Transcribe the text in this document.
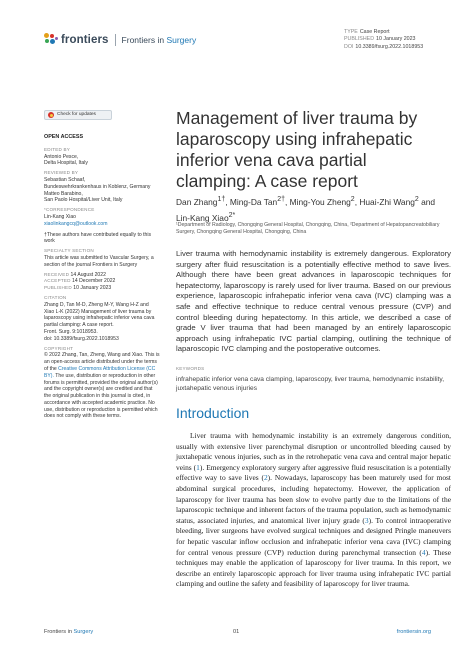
frontiers Frontiers in Surgery
TYPE Case Report
PUBLISHED 10 January 2023
DOI 10.3389/fsurg.2022.1018953
Check for updates
OPEN ACCESS
EDITED BY
Antonio Pesce,
Delta Hospital, Italy
REVIEWED BY
Sebastian Schaaf,
Bundeswehrkrankenhaus in Koblenz, Germany
Matteo Barabino,
San Paolo Hospital/Liver Unit, Italy
*CORRESPONDENCE
Lin-Kang Xiao
xiaolinkangcq@outlook.com
†These authors have contributed equally to this work
SPECIALTY SECTION
This article was submitted to Vascular Surgery, a section of the journal Frontiers in Surgery
RECEIVED 14 August 2022
ACCEPTED 14 December 2022
PUBLISHED 10 January 2023
CITATION
Zhang D, Tan M-D, Zheng M-Y, Wang H-Z and Xiao L-K (2022) Management of liver trauma by laparoscopy using infrahepatic inferior vena cava partial clamping: A case report.
Front. Surg. 9:1018953.
doi: 10.3389/fsurg.2022.1018953
COPYRIGHT
© 2022 Zhang, Tan, Zheng, Wang and Xiao. This is an open-access article distributed under the terms of the Creative Commons Attribution License (CC BY). The use, distribution or reproduction in other forums is permitted, provided the original author(s) and the copyright owner(s) are credited and that the original publication in this journal is cited, in accordance with accepted academic practice. No use, distribution or reproduction is permitted which does not comply with these terms.
Management of liver trauma by laparoscopy using infrahepatic inferior vena cava partial clamping: A case report
Dan Zhang$^{1\dagger}$, Ming-Da Tan$^{2\dagger}$, Ming-You Zheng$^2$, Huai-Zhi Wang$^2$ and Lin-Kang Xiao$^{2*}$
¹Department of Radiology, Chongqing General Hospital, Chongqing, China, ²Department of Hepatopancreatobiliary Surgery, Chongqing General Hospital, Chongqing, China
Liver trauma with hemodynamic instability is extremely dangerous. Exploratory surgery after fluid resuscitation is a potentially effective method to save lives. Although there have been great advances in laparoscopic techniques for hepatectomy, laparoscopy is rarely used for liver trauma. Based on our previous experience, laparoscopic infrahepatic inferior vena cava (IVC) clamping was a safe and effective technique to reduce central venous pressure (CVP) and control bleeding during hepatectomy. In this article, we described a case of grade V liver trauma that had been managed by an entirely laparoscopic approach using infrahepatic IVC partial clamping, outlining the technique of laparoscopic IVC clamping and the postoperative outcomes.
KEYWORDS
infrahepatic inferior vena cava clamping, laparoscopy, liver trauma, hemodynamic instability, juxtahepatic venous injuries
Introduction

Liver trauma with hemodynamic instability is an extremely dangerous condition, usually with extensive liver parenchymal disruption or uncontrolled bleeding caused by juxtahepatic venous injuries, such as in the retrohepatic vena cava and central major hepatic veins (1). Emergency exploratory surgery after aggressive fluid resuscitation is a potentially effective way to save lives (2). Nowadays, laparoscopy has been maturely used for most abdominal surgical procedures, including hepatectomy. However, the application of laparoscopy for liver trauma has been slow to evolve partly due to the limitations of the laparoscopic technique and inherent factors of the trauma population, such as hemodynamic status, associated injuries, and anatomical liver injury grade (3). To control intraoperative bleeding, liver surgeons have evolved surgical techniques and designed Pringle maneuvers for hepatic vascular inflow occlusion and infrahepatic inferior vena cava (IVC) clamping for central venous pressure (CVP) reduction during parenchymal transection (4). These techniques may enable the application of laparoscopy for liver trauma. In this report, we describe an entirely laparoscopic approach for liver trauma using infrahepatic IVC partial clamping and outline the safety and feasibility of laparoscopy for liver trauma.

Frontiers in Surgery	01	frontiersin.org
